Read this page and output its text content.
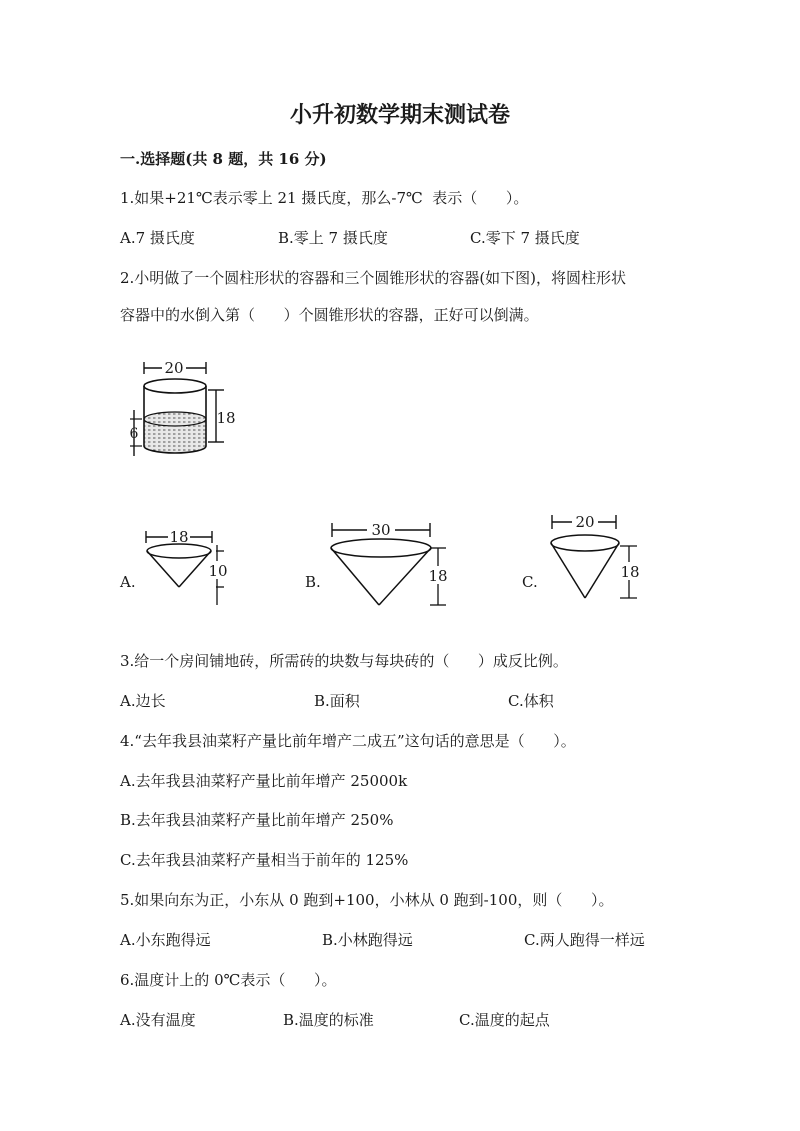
小升初数学期末测试卷
一.选择题(共 8 题，共 16 分)
1.如果+21℃表示零上 21 摄氏度，那么-7℃  表示（      ）。
A.7 摄氏度	B.零上 7 摄氏度	C.零下 7 摄氏度
2.小明做了一个圆柱形状的容器和三个圆锥形状的容器(如下图)，将圆柱形状
容器中的水倒入第（      ）个圆锥形状的容器，正好可以倒满。
20
18
6
A.
18
10
B.
30
18	C.
20
18
3.给一个房间铺地砖，所需砖的块数与每块砖的（      ）成反比例。
A.边长	B.面积	C.体积
4.“去年我县油菜籽产量比前年增产二成五”这句话的意思是（      ）。
A.去年我县油菜籽产量比前年增产 25000k
B.去年我县油菜籽产量比前年增产 250%
C.去年我县油菜籽产量相当于前年的 125%
5.如果向东为正，小东从 0 跑到+100，小林从 0 跑到-100，则（      ）。
A.小东跑得远	B.小林跑得远	C.两人跑得一样远
6.温度计上的 0℃表示（      ）。
A.没有温度	B.温度的标准	C.温度的起点
